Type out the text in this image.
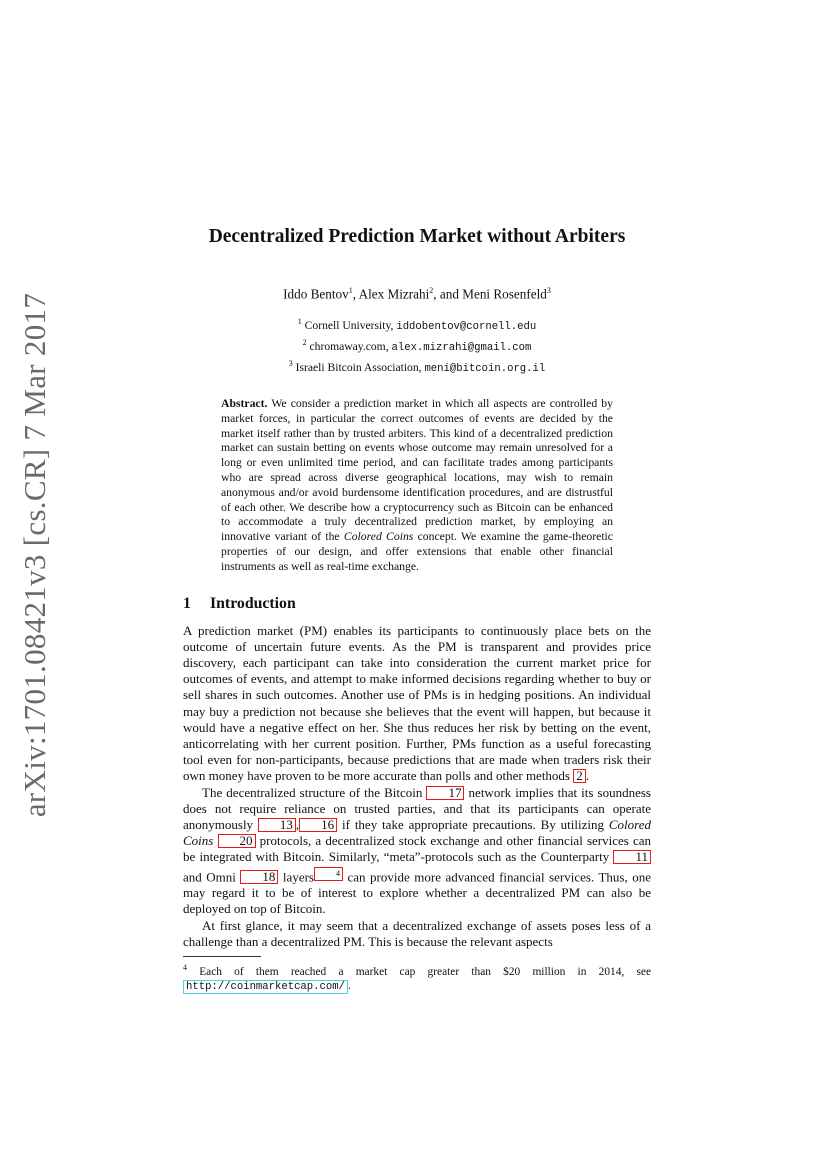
arXiv:1701.08421v3 [cs.CR] 7 Mar 2017
Decentralized Prediction Market without Arbiters
Iddo Bentov$^1$, Alex Mizrahi$^2$, and Meni Rosenfeld$^3$
$^1$ Cornell University, iddobentov@cornell.edu
$^2$ chromaway.com, alex.mizrahi@gmail.com
$^3$ Israeli Bitcoin Association, meni@bitcoin.org.il
Abstract. We consider a prediction market in which all aspects are controlled by market forces, in particular the correct outcomes of events are decided by the market itself rather than by trusted arbiters. This kind of a decentralized prediction market can sustain betting on events whose outcome may remain unresolved for a long or even unlimited time period, and can facilitate trades among participants who are spread across diverse geographical locations, may wish to remain anonymous and/or avoid burdensome identification procedures, and are distrustful of each other. We describe how a cryptocurrency such as Bitcoin can be enhanced to accommodate a truly decentralized prediction market, by employing an innovative variant of the Colored Coins concept. We examine the game-theoretic properties of our design, and offer extensions that enable other financial instruments as well as real-time exchange.
1 Introduction

A prediction market (PM) enables its participants to continuously place bets on the outcome of uncertain future events. As the PM is transparent and provides price discovery, each participant can take into consideration the current market price for outcomes of events, and attempt to make informed decisions regarding whether to buy or sell shares in such outcomes. Another use of PMs is in hedging positions. An individual may buy a prediction not because she believes that the event will happen, but because it would have a negative effect on her. She thus reduces her risk by betting on the event, anticorrelating with her current position. Further, PMs function as a useful forecasting tool even for non-participants, because predictions that are made when traders risk their own money have proven to be more accurate than polls and other methods 2 .

The decentralized structure of the Bitcoin 17 network implies that its soundness does not require reliance on trusted parties, and that its participants can operate anonymously 13 , 16 if they take appropriate precautions. By utilizing Colored Coins 20 protocols, a decentralized stock exchange and other financial services can be integrated with Bitcoin. Similarly, “meta”-protocols such as the Counterparty 11 and Omni 18 layers	$^4$ can provide more advanced financial services. Thus, one may regard it to be of interest to explore whether a decentralized PM can also be deployed on top of Bitcoin.

At first glance, it may seem that a decentralized exchange of assets poses less of a challenge than a decentralized PM. This is because the relevant aspects

$^4$ Each of them reached a market cap greater than $20 million in 2014, see http://coinmarketcap.com/ .
